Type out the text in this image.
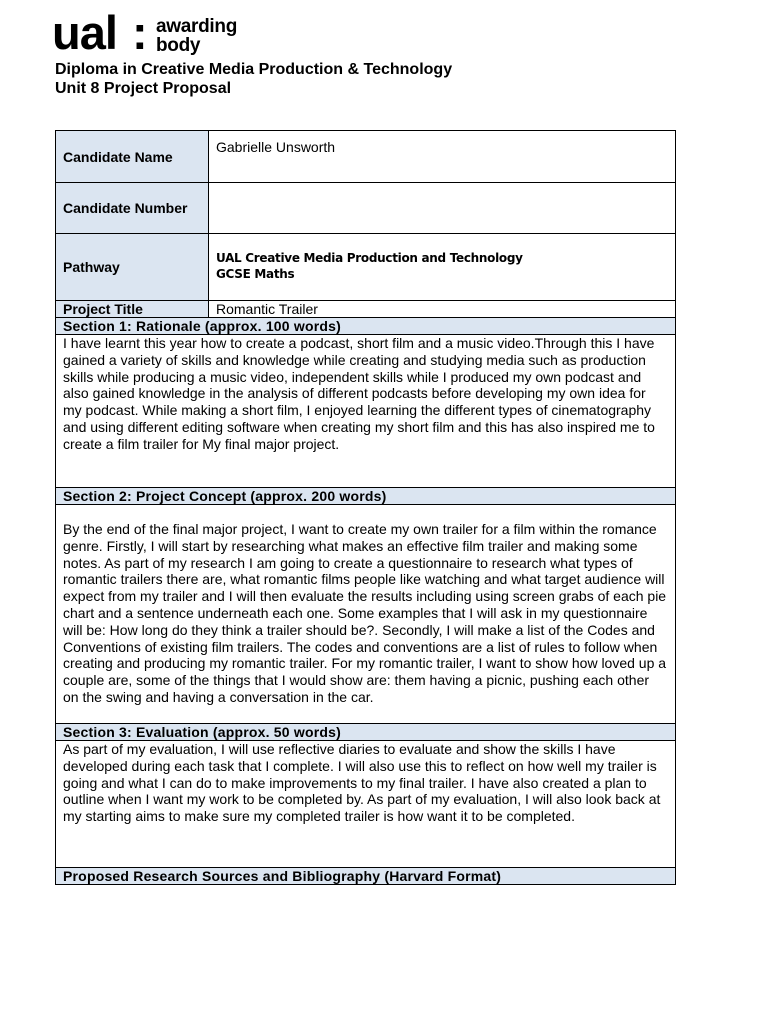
ual : awarding
body
Diploma in Creative Media Production & Technology
Unit 8 Project Proposal
Candidate Name	Gabrielle Unsworth
Candidate Number	
Pathway	UAL Creative Media Production and Technology
GCSE Maths

Project Title	Romantic Trailer
Section 1: Rationale (approx. 100 words)	
I have learnt this year how to create a podcast, short film and a music video.Through this I have gained a variety of skills and knowledge while creating and studying media such as production skills while producing a music video, independent skills while I produced my own podcast and also gained knowledge in the analysis of different podcasts before developing my own idea for my podcast. While making a short film, I enjoyed learning the different types of cinematography and using different editing software when creating my short film and this has also inspired me to create a film trailer for My final major project.	
Section 2: Project Concept (approx. 200 words)	
By the end of the final major project, I want to create my own trailer for a film within the romance genre. Firstly, I will start by researching what makes an effective film trailer and making some notes. As part of my research I am going to create a questionnaire to research what types of romantic trailers there are, what romantic films people like watching and what target audience will expect from my trailer and I will then evaluate the results including using screen grabs of each pie chart and a sentence underneath each one. Some examples that I will ask in my questionnaire will be: How long do they think a trailer should be?. Secondly, I will make a list of the Codes and Conventions of existing film trailers. The codes and conventions are a list of rules to follow when creating and producing my romantic trailer. For my romantic trailer, I want to show how loved up a couple are, some of the things that I would show are: them having a picnic, pushing each other on the swing and having a conversation in the car.	
Section 3: Evaluation (approx. 50 words)	
As part of my evaluation, I will use reflective diaries to evaluate and show the skills I have developed during each task that I complete. I will also use this to reflect on how well my trailer is going and what I can do to make improvements to my final trailer. I have also created a plan to outline when I want my work to be completed by. As part of my evaluation, I will also look back at my starting aims to make sure my completed trailer is how want it to be completed.	
Proposed Research Sources and Bibliography (Harvard Format)	
